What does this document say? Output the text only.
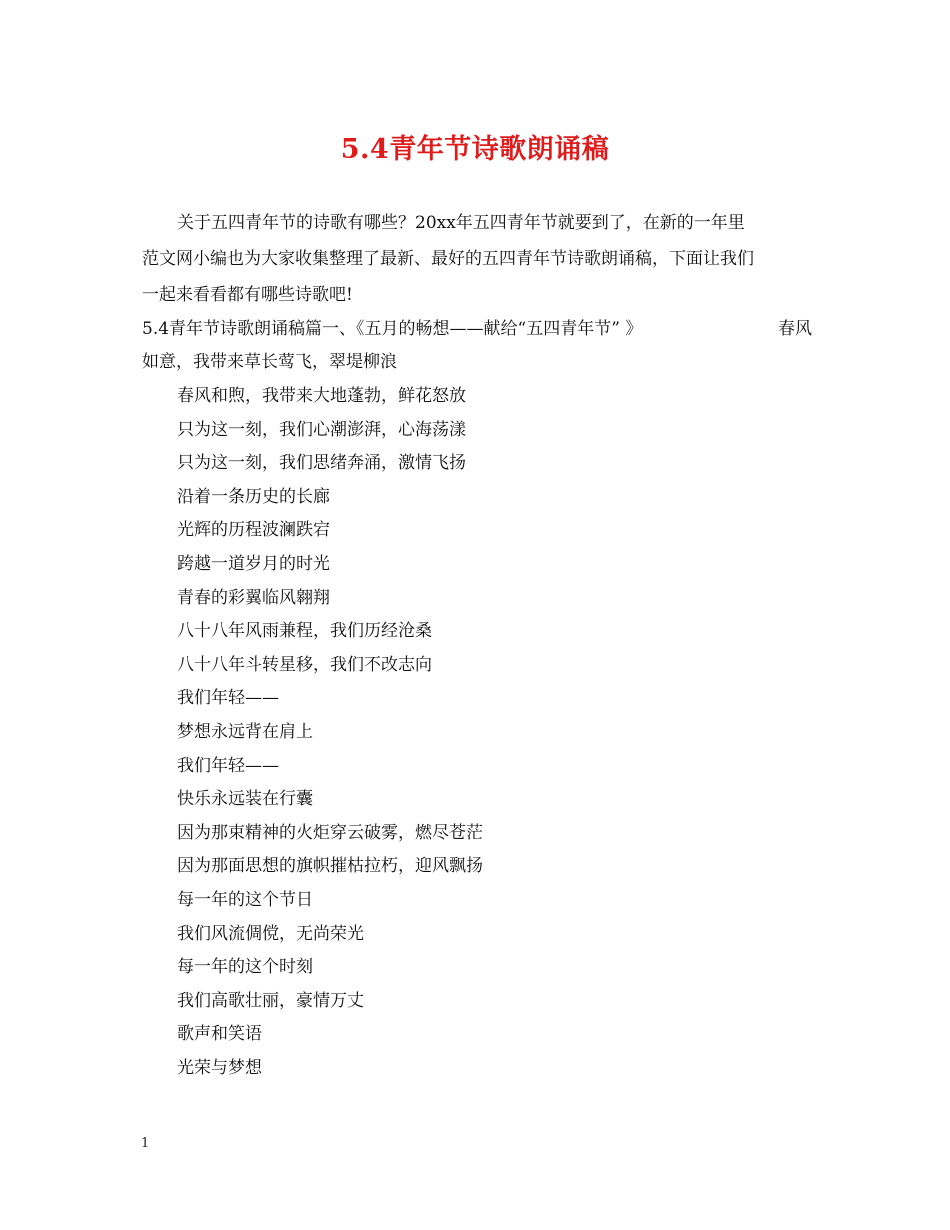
5.4青年节诗歌朗诵稿
关于五四青年节的诗歌有哪些？20xx年五四青年节就要到了，在新的一年里
范文网小编也为大家收集整理了最新、最好的五四青年节诗歌朗诵稿，下面让我们
一起来看看都有哪些诗歌吧!
5.4青年节诗歌朗诵稿篇一、《五月的畅想——献给“五四青年节” 》	春风
如意，我带来草长莺飞，翠堤柳浪
春风和煦，我带来大地蓬勃，鲜花怒放
只为这一刻，我们心潮澎湃，心海荡漾
只为这一刻，我们思绪奔涌，激情飞扬
沿着一条历史的长廊
光辉的历程波澜跌宕
跨越一道岁月的时光
青春的彩翼临风翱翔
八十八年风雨兼程，我们历经沧桑
八十八年斗转星移，我们不改志向
我们年轻——
梦想永远背在肩上
我们年轻——
快乐永远装在行囊
因为那束精神的火炬穿云破雾，燃尽苍茫
因为那面思想的旗帜摧枯拉朽，迎风飘扬
每一年的这个节日
我们风流倜傥，无尚荣光
每一年的这个时刻
我们高歌壮丽，豪情万丈
歌声和笑语
光荣与梦想
1
